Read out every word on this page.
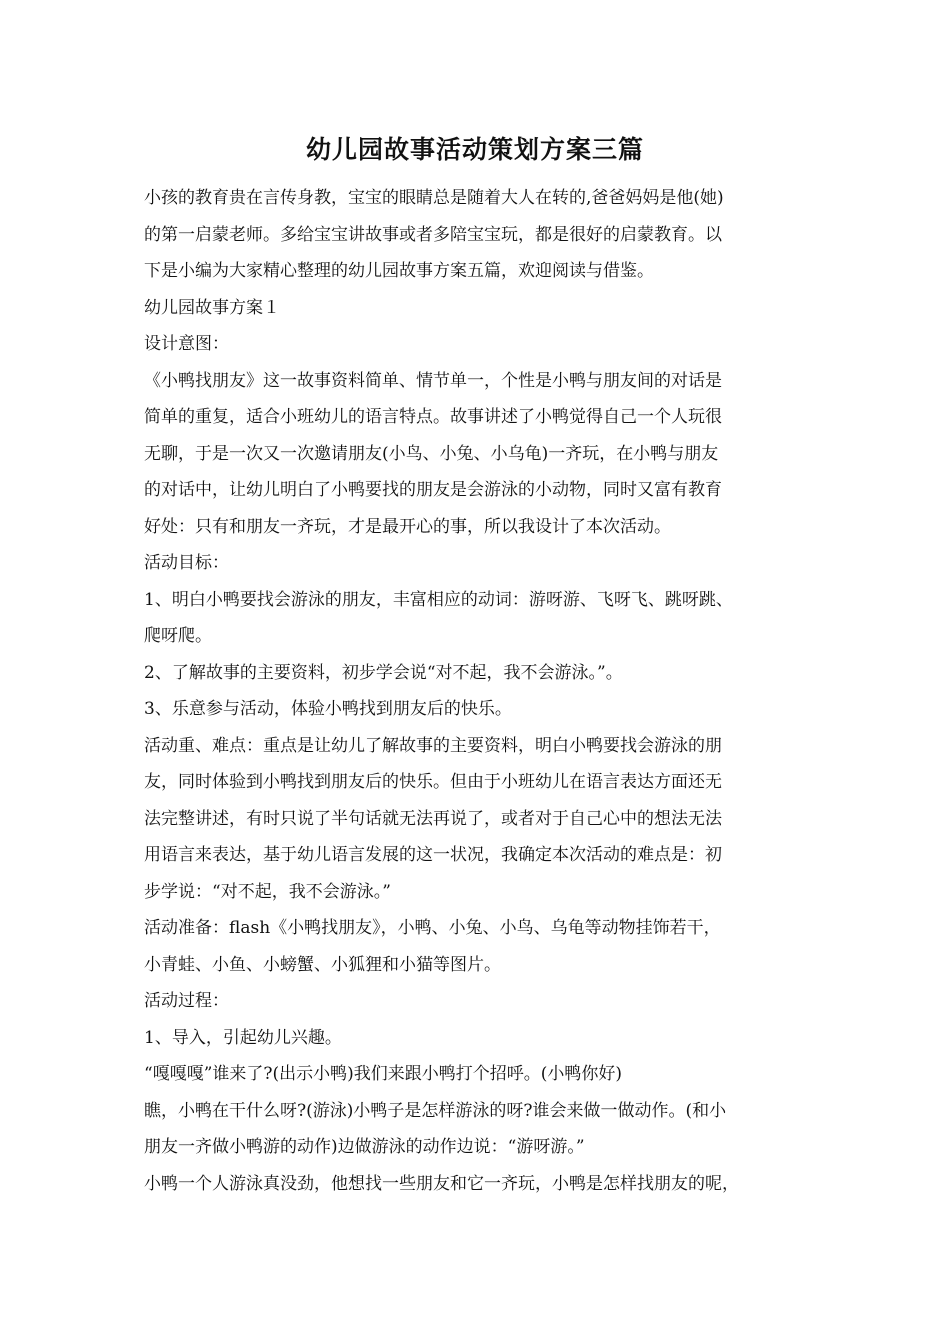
幼儿园故事活动策划方案三篇

小孩的教育贵在言传身教，宝宝的眼睛总是随着大人在转的,爸爸妈妈是他(她)
的第一启蒙老师。多给宝宝讲故事或者多陪宝宝玩，都是很好的启蒙教育。以
下是小编为大家精心整理的幼儿园故事方案五篇，欢迎阅读与借鉴。

幼儿园故事方案１

设计意图：

《小鸭找朋友》这一故事资料简单、情节单一，个性是小鸭与朋友间的对话是
简单的重复，适合小班幼儿的语言特点。故事讲述了小鸭觉得自己一个人玩很
无聊，于是一次又一次邀请朋友(小鸟、小兔、小乌龟)一齐玩，在小鸭与朋友
的对话中，让幼儿明白了小鸭要找的朋友是会游泳的小动物，同时又富有教育
好处：只有和朋友一齐玩，才是最开心的事，所以我设计了本次活动。

活动目标：

1、明白小鸭要找会游泳的朋友，丰富相应的动词：游呀游、飞呀飞、跳呀跳、
爬呀爬。

2、了解故事的主要资料，初步学会说“对不起，我不会游泳。”。

3、乐意参与活动，体验小鸭找到朋友后的快乐。

活动重、难点：重点是让幼儿了解故事的主要资料，明白小鸭要找会游泳的朋
友，同时体验到小鸭找到朋友后的快乐。但由于小班幼儿在语言表达方面还无
法完整讲述，有时只说了半句话就无法再说了，或者对于自己心中的想法无法
用语言来表达，基于幼儿语言发展的这一状况，我确定本次活动的难点是：初
步学说：“对不起，我不会游泳。”

活动准备：flash《小鸭找朋友》，小鸭、小兔、小鸟、乌龟等动物挂饰若干，
小青蛙、小鱼、小螃蟹、小狐狸和小猫等图片。

活动过程：

1、导入，引起幼儿兴趣。

“嘎嘎嘎”谁来了?(出示小鸭)我们来跟小鸭打个招呼。(小鸭你好)

瞧，小鸭在干什么呀?(游泳)小鸭子是怎样游泳的呀?谁会来做一做动作。(和小
朋友一齐做小鸭游的动作)边做游泳的动作边说：“游呀游。”

小鸭一个人游泳真没劲，他想找一些朋友和它一齐玩，小鸭是怎样找朋友的呢，
